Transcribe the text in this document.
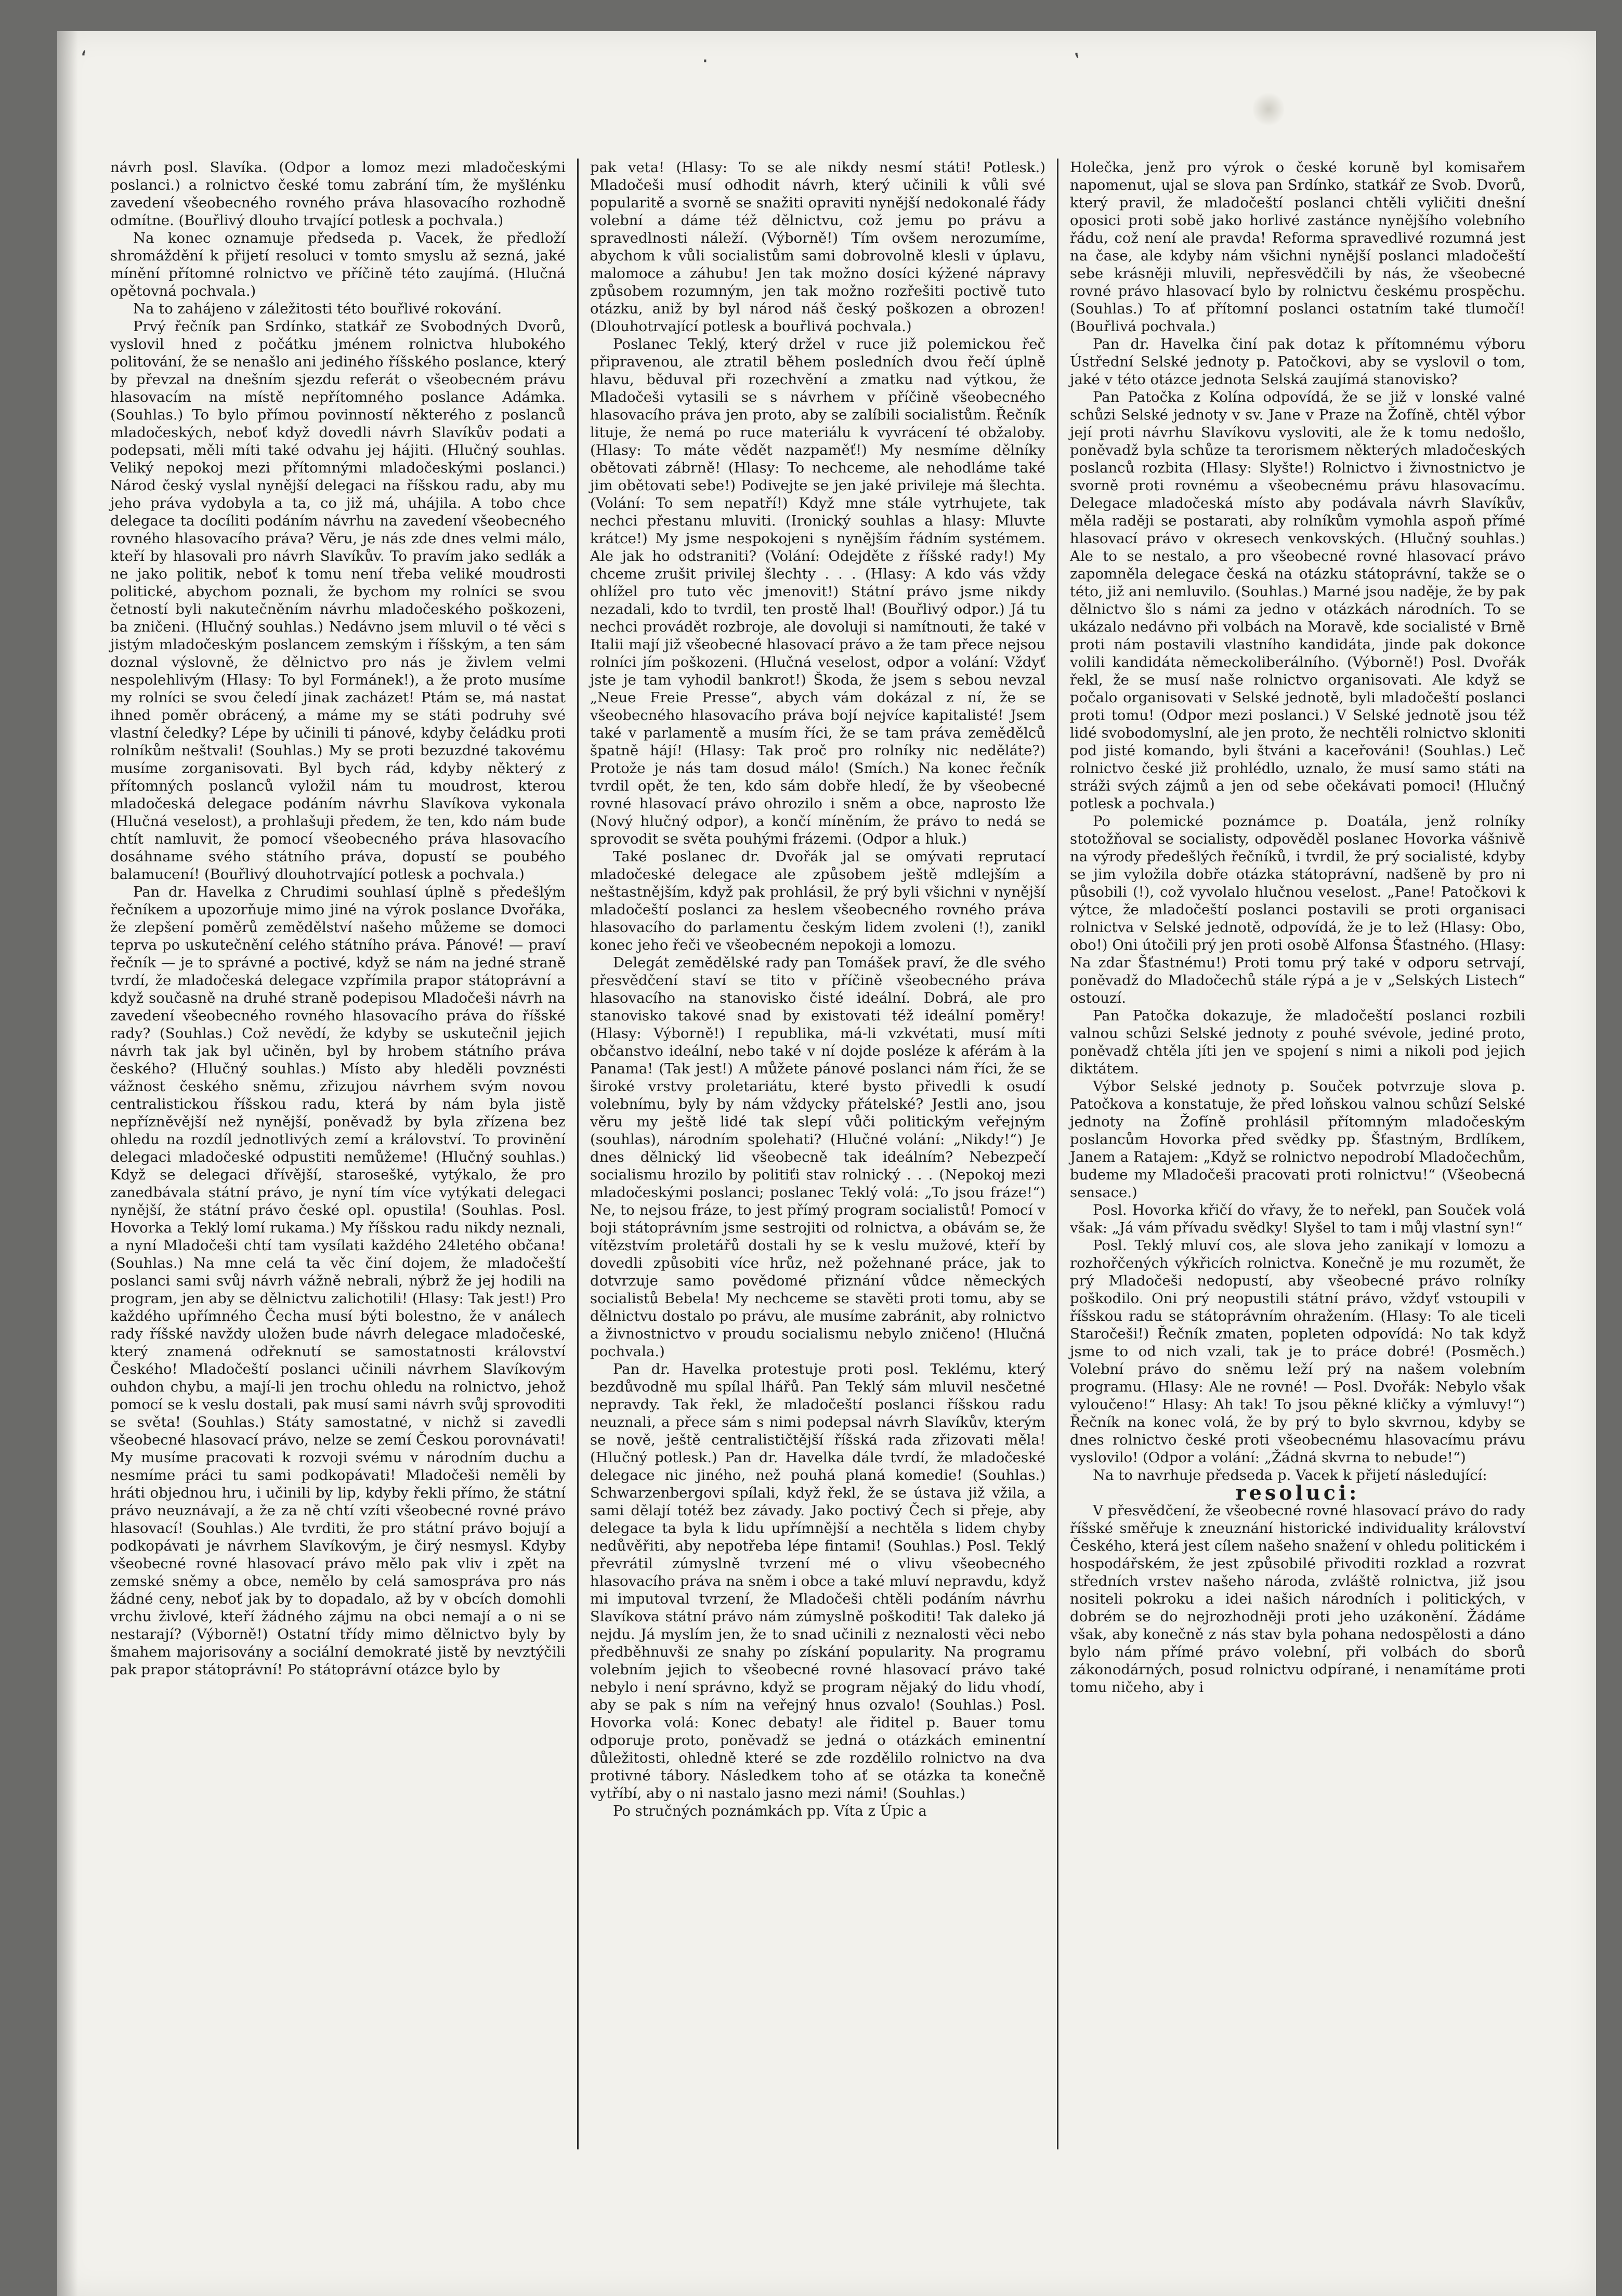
‘	·	‛

návrh posl. Slavíka. (Odpor a lomoz mezi mladočeskými poslanci.) a rolnictvo české tomu zabrání tím, že myšlénku zavedení všeobecného rovného práva hlasovacího rozhodně odmítne. (Bouřlivý dlouho trvající potlesk a pochvala.)

Na konec oznamuje předseda p. Vacek, že předloží shromáždění k přijetí resoluci v tomto smyslu až sezná, jaké mínění přítomné rolnictvo ve příčině této zaujímá. (Hlučná opětovná pochvala.)

Na to zahájeno v záležitosti této bouřlivé rokování.

Prvý řečník pan Srdínko, statkář ze Svobodných Dvorů, vyslovil hned z počátku jménem rolnictva hlubokého politování, že se nenašlo ani jediného říšského poslance, který by převzal na dnešním sjezdu referát o všeobecném právu hlasovacím na místě nepřítomného poslance Adámka. (Souhlas.) To bylo přímou povinností některého z poslanců mladočeských, neboť když dovedli návrh Slavíkův podati a podepsati, měli míti také odvahu jej hájiti. (Hlučný souhlas. Veliký nepokoj mezi přítomnými mladočeskými poslanci.) Národ český vyslal nynější delegaci na říšskou radu, aby mu jeho práva vydobyla a ta, co již má, uhájila. A tobo chce delegace ta docíliti podáním návrhu na zavedení všeobecného rovného hlasovacího práva? Věru, je nás zde dnes velmi málo, kteří by hlasovali pro návrh Slavíkův. To pravím jako sedlák a ne jako politik, neboť k tomu není třeba veliké moudrosti politické, abychom poznali, že bychom my rolníci se svou četností byli nakutečněním návrhu mladočeského poškozeni, ba zničeni. (Hlučný souhlas.) Nedávno jsem mluvil o té věci s jistým mladočeským poslancem zemským i říšským, a ten sám doznal výslovně, že dělnictvo pro nás je živlem velmi nespolehlivým (Hlasy: To byl Formánek!), a že proto musíme my rolníci se svou čeledí jinak zacházet! Ptám se, má nastat ihned poměr obrácený, a máme my se státi podruhy své vlastní čeledky? Lépe by učinili ti pánové, kdyby čeládku proti rolníkům neštvali! (Souhlas.) My se proti bezuzdné takovému musíme zorganisovati. Byl bych rád, kdyby některý z přítomných poslanců vyložil nám tu moudrost, kterou mladočeská delegace podáním návrhu Slavíkova vykonala (Hlučná veselost), a prohlašuji předem, že ten, kdo nám bude chtít namluvit, že pomocí všeobecného práva hlasovacího dosáhname svého státního práva, dopustí se poubého balamucení! (Bouřlivý dlouhotrvající potlesk a pochvala.)

Pan dr. Havelka z Chrudimi souhlasí úplně s předešlým řečníkem a upozorňuje mimo jiné na výrok poslance Dvořáka, že zlepšení poměrů zemědělství našeho můžeme se domoci teprva po uskutečnění celého státního práva. Pánové! — praví řečník — je to správné a poctivé, když se nám na jedné straně tvrdí, že mladočeská delegace vzpřímila prapor státoprávní a když současně na druhé straně podepisou Mladočeši návrh na zavedení všeobecného rovného hlasovacího práva do říšské rady? (Souhlas.) Což nevědí, že kdyby se uskutečnil jejich návrh tak jak byl učiněn, byl by hrobem státního práva českého? (Hlučný souhlas.) Místo aby hleděli povznésti vážnost českého sněmu, zřizujou návrhem svým novou centralistickou říšskou radu, která by nám byla jistě nepřízněvější než nynější, poněvadž by byla zřízena bez ohledu na rozdíl jednotlivých zemí a království. To provinění delegaci mladočeské odpustiti nemůžeme! (Hlučný souhlas.) Když se delegaci dřívější, starosešké, vytýkalo, že pro zanedbávala státní právo, je nyní tím více vytýkati delegaci nynější, že státní právo české opl. opustila! (Souhlas. Posl. Hovorka a Teklý lomí rukama.) My říšskou radu nikdy neznali, a nyní Mladočeši chtí tam vysílati každého 24letého občana! (Souhlas.) Na mne celá ta věc činí dojem, že mladočeští poslanci sami svůj návrh vážně nebrali, nýbrž že jej hodili na program, jen aby se dělnictvu zalichotili! (Hlasy: Tak jest!) Pro každého upřímného Čecha musí býti bolestno, že v análech rady říšské navždy uložen bude návrh delegace mladočeské, který znamená odřeknutí se samostatnosti království Českého! Mladočeští poslanci učinili návrhem Slavíkovým ouhdon chybu, a mají-li jen trochu ohledu na rolnictvo, jehož pomocí se k veslu dostali, pak musí sami návrh svůj sprovoditi se světa! (Souhlas.) Státy samostatné, v nichž si zavedli všeobecné hlasovací právo, nelze se zemí Českou porovnávati! My musíme pracovati k rozvoji svému v národním duchu a nesmíme práci tu sami podkopávati! Mladočeši neměli by hráti objednou hru, i učinili by lip, kdyby řekli přímo, že státní právo neuznávají, a že za ně chtí vzíti všeobecné rovné právo hlasovací! (Souhlas.) Ale tvrditi, že pro státní právo bojují a podkopávati je návrhem Slavíkovým, je čirý nesmysl. Kdyby všeobecné rovné hlasovací právo mělo pak vliv i zpět na zemské sněmy a obce, nemělo by celá samospráva pro nás žádné ceny, neboť jak by to dopadalo, až by v obcích domohli vrchu živlové, kteří žádného zájmu na obci nemají a o ni se nestarají? (Výborně!) Ostatní třídy mimo dělnictvo byly by šmahem majorisovány a sociální demokraté jistě by nevztýčili pak prapor státoprávní! Po státoprávní otázce bylo by

pak veta! (Hlasy: To se ale nikdy nesmí státi! Potlesk.) Mladočeši musí odhodit návrh, který učinili k vůli své popularitě a svorně se snažiti opraviti nynější nedokonalé řády volební a dáme též dělnictvu, což jemu po právu a spravedlnosti náleží. (Výborně!) Tím ovšem nerozumíme, abychom k vůli socialistům sami dobrovolně klesli v úplavu, malomoce a záhubu! Jen tak možno dosíci kýžené nápravy způsobem rozumným, jen tak možno rozřešiti poctivě tuto otázku, aniž by byl národ náš český poškozen a obrozen! (Dlouhotrvající potlesk a bouřlivá pochvala.)

Poslanec Teklý, který držel v ruce již polemickou řeč připravenou, ale ztratil během posledních dvou řečí úplně hlavu, běduval při rozechvění a zmatku nad výtkou, že Mladočeši vytasili se s návrhem v příčině všeobecného hlasovacího práva jen proto, aby se zalíbili socialistům. Řečník lituje, že nemá po ruce materiálu k vyvrácení té obžaloby. (Hlasy: To máte vědět nazpaměť!) My nesmíme dělníky obětovati zábrně! (Hlasy: To nechceme, ale nehodláme také jim obětovati sebe!) Podivejte se jen jaké privileje má šlechta. (Volání: To sem nepatří!) Když mne stále vytrhujete, tak nechci přestanu mluviti. (Ironický souhlas a hlasy: Mluvte krátce!) My jsme nespokojeni s nynějším řádním systémem. Ale jak ho odstraniti? (Volání: Odejděte z říšské rady!) My chceme zrušit privilej šlechty . . . (Hlasy: A kdo vás vždy ohlížel pro tuto věc jmenovit!) Státní právo jsme nikdy nezadali, kdo to tvrdil, ten prostě lhal! (Bouřlivý odpor.) Já tu nechci provádět rozbroje, ale dovoluji si namítnouti, že také v Italii mají již všeobecné hlasovací právo a že tam přece nejsou rolníci jím poškozeni. (Hlučná veselost, odpor a volání: Vždyť jste je tam vyhodil bankrot!) Škoda, že jsem s sebou nevzal „Neue Freie Presse“, abych vám dokázal z ní, že se všeobecného hlasovacího práva bojí nejvíce kapitalisté! Jsem také v parlamentě a musím říci, že se tam práva zemědělců špatně hájí! (Hlasy: Tak proč pro rolníky nic neděláte?) Protože je nás tam dosud málo! (Smích.) Na konec řečník tvrdil opět, že ten, kdo sám dobře hledí, že by všeobecné rovné hlasovací právo ohrozilo i sněm a obce, naprosto lže (Nový hlučný odpor), a končí míněním, že právo to nedá se sprovodit se světa pouhými frázemi. (Odpor a hluk.)

Také poslanec dr. Dvořák jal se omývati reprutací mladočeské delegace ale způsobem ještě mdlejším a neštastnějším, když pak prohlásil, že prý byli všichni v nynější mladočeští poslanci za heslem všeobecného rovného práva hlasovacího do parlamentu českým lidem zvoleni (!), zanikl konec jeho řeči ve všeobecném nepokoji a lomozu.

Delegát zemědělské rady pan Tomášek praví, že dle svého přesvědčení staví se tito v příčině všeobecného práva hlasovacího na stanovisko čisté ideální. Dobrá, ale pro stanovisko takové snad by existovati též ideální poměry! (Hlasy: Výborně!) I republika, má-li vzkvétati, musí míti občanstvo ideální, nebo také v ní dojde posléze k aférám à la Panama! (Tak jest!) A můžete pánové poslanci nám říci, že se široké vrstvy proletariátu, které bysto přivedli k osudí volebnímu, byly by nám vždycky přátelské? Jestli ano, jsou věru my ještě lidé tak slepí vůči politickým veřejným (souhlas), národním spolehati? (Hlučné volání: „Nikdy!“) Je dnes dělnický lid všeobecně tak ideálním? Nebezpečí socialismu hrozilo by politiťi stav rolnický . . . (Nepokoj mezi mladočeskými poslanci; poslanec Teklý volá: „To jsou fráze!“) Ne, to nejsou fráze, to jest přímý program socialistů! Pomocí v boji státoprávním jsme sestrojiti od rolnictva, a obávám se, že vítězstvím proletářů dostali hy se k veslu mužové, kteří by dovedli způsobiti více hrůz, než požehnané práce, jak to dotvrzuje samo povědomé přiznání vůdce německých socialistů Bebela! My nechceme se stavěti proti tomu, aby se dělnictvu dostalo po právu, ale musíme zabránit, aby rolnictvo a živnostnictvo v proudu socialismu nebylo zničeno! (Hlučná pochvala.)

Pan dr. Havelka protestuje proti posl. Teklému, který bezdůvodně mu spílal lhářů. Pan Teklý sám mluvil nesčetné nepravdy. Tak řekl, že mladočeští poslanci říšskou radu neuznali, a přece sám s nimi podepsal návrh Slavíkův, kterým se nově, ještě centralističtější říšská rada zřizovati měla! (Hlučný potlesk.) Pan dr. Havelka dále tvrdí, že mladočeské delegace nic jiného, než pouhá planá komedie! (Souhlas.) Schwarzenbergovi spílali, když řekl, že se ústava již vžila, a sami dělají totéž bez závady. Jako poctivý Čech si přeje, aby delegace ta byla k lidu upřímnější a nechtěla s lidem chyby nedůvěřiti, aby nepotřeba lépe fintami! (Souhlas.) Posl. Teklý převrátil zúmyslně tvrzení mé o vlivu všeobecného hlasovacího práva na sněm i obce a také mluví nepravdu, když mi imputoval tvrzení, že Mladočeši chtěli podáním návrhu Slavíkova státní právo nám zúmyslně poškoditi! Tak daleko já nejdu. Já myslím jen, že to snad učinili z neznalosti věci nebo předběhnuvši ze snahy po získání popularity. Na programu volebním jejich to všeobecné rovné hlasovací právo také nebylo i není správno, když se program nějaký do lidu vhodí, aby se pak s ním na veřejný hnus ozvalo! (Souhlas.) Posl. Hovorka volá: Konec debaty! ale řiditel p. Bauer tomu odporuje proto, poněvadž se jedná o otázkách eminentní důležitosti, ohledně které se zde rozdělilo rolnictvo na dva protivné tábory. Následkem toho ať se otázka ta konečně vytříbí, aby o ni nastalo jasno mezi námi! (Souhlas.)

Po stručných poznámkách pp. Víta z Úpic a

Holečka, jenž pro výrok o české koruně byl komisařem napomenut, ujal se slova pan Srdínko, statkář ze Svob. Dvorů, který pravil, že mladočeští poslanci chtěli vyličiti dnešní oposici proti sobě jako horlivé zastánce nynějšího volebního řádu, což není ale pravda! Reforma spravedlivé rozumná jest na čase, ale kdyby nám všichni nynější poslanci mladočeští sebe krásněji mluvili, nepřesvědčili by nás, že všeobecné rovné právo hlasovací bylo by rolnictvu českému prospěchu. (Souhlas.) To ať přítomní poslanci ostatním také tlumočí! (Bouřlivá pochvala.)

Pan dr. Havelka činí pak dotaz k přítomnému výboru Ústřední Selské jednoty p. Patočkovi, aby se vyslovil o tom, jaké v této otázce jednota Selská zaujímá stanovisko?

Pan Patočka z Kolína odpovídá, že se již v lonské valné schůzi Selské jednoty v sv. Jane v Praze na Žofíně, chtěl výbor její proti návrhu Slavíkovu vysloviti, ale že k tomu nedošlo, poněvadž byla schůze ta terorismem některých mladočeských poslanců rozbita (Hlasy: Slyšte!) Rolnictvo i živnostnictvo je svorně proti rovnému a všeobecnému právu hlasovacímu. Delegace mladočeská místo aby podávala návrh Slavíkův, měla raději se postarati, aby rolníkům vymohla aspoň přímé hlasovací právo v okresech venkovských. (Hlučný souhlas.) Ale to se nestalo, a pro všeobecné rovné hlasovací právo zapomněla delegace česká na otázku státoprávní, takže se o této, již ani nemluvilo. (Souhlas.) Marné jsou naděje, že by pak dělnictvo šlo s námi za jedno v otázkách národních. To se ukázalo nedávno při volbách na Moravě, kde socialisté v Brně proti nám postavili vlastního kandidáta, jinde pak dokonce volili kandidáta německoliberálního. (Výborně!) Posl. Dvořák řekl, že se musí naše rolnictvo organisovati. Ale když se počalo organisovati v Selské jednotě, byli mladočeští poslanci proti tomu! (Odpor mezi poslanci.) V Selské jednotě jsou též lidé svobodomyslní, ale jen proto, že nechtěli rolnictvo skloniti pod jisté komando, byli štváni a kaceřováni! (Souhlas.) Leč rolnictvo české již prohlédlo, uznalo, že musí samo státi na stráži svých zájmů a jen od sebe očekávati pomoci! (Hlučný potlesk a pochvala.)

Po polemické poznámce p. Doatála, jenž rolníky stotožňoval se socialisty, odpověděl poslanec Hovorka vášnivě na výrody předešlých řečníků, i tvrdil, že prý socialisté, kdyby se jim vyložila dobře otázka státoprávní, nadšeně by pro ni působili (!), což vyvolalo hlučnou veselost. „Pane! Patočkovi k výtce, že mladočeští poslanci postavili se proti organisaci rolnictva v Selské jednotě, odpovídá, že je to lež (Hlasy: Obo, obo!) Oni útočili prý jen proti osobě Alfonsa Šťastného. (Hlasy: Na zdar Šťastnému!) Proti tomu prý také v odporu setrvají, poněvadž do Mladočechů stále rýpá a je v „Selských Listech“ ostouzí.

Pan Patočka dokazuje, že mladočeští poslanci rozbili valnou schůzi Selské jednoty z pouhé svévole, jediné proto, poněvadž chtěla jíti jen ve spojení s nimi a nikoli pod jejich diktátem.

Výbor Selské jednoty p. Souček potvrzuje slova p. Patočkova a konstatuje, že před loňskou valnou schůzí Selské jednoty na Žofíně prohlásil přítomným mladočeským poslancům Hovorka před svědky pp. Šťastným, Brdlíkem, Janem a Ratajem: „Když se rolnictvo nepodrobí Mladočechům, budeme my Mladočeši pracovati proti rolnictvu!“ (Všeobecná sensace.)

Posl. Hovorka křičí do vřavy, že to neřekl, pan Souček volá však: „Já vám přívadu svědky! Slyšel to tam i můj vlastní syn!“

Posl. Teklý mluví cos, ale slova jeho zanikají v lomozu a rozhořčených výkřicích rolnictva. Konečně je mu rozumět, že prý Mladočeši nedopustí, aby všeobecné právo rolníky poškodilo. Oni prý neopustili státní právo, vždyť vstoupili v říšskou radu se státoprávním ohražením. (Hlasy: To ale ticeli Staročeši!) Řečník zmaten, popleten odpovídá: No tak když jsme to od nich vzali, tak je to práce dobré! (Posměch.) Volební právo do sněmu leží prý na našem volebním programu. (Hlasy: Ale ne rovné! — Posl. Dvořák: Nebylo však vyloučeno!“ Hlasy: Ah tak! To jsou pěkné kličky a výmluvy!“) Řečník na konec volá, že by prý to bylo skvrnou, kdyby se dnes rolnictvo české proti všeobecnému hlasovacímu právu vyslovilo! (Odpor a volání: „Žádná skvrna to nebude!“)

Na to navrhuje předseda p. Vacek k přijetí následující:

resoluci:

V přesvědčení, že všeobecné rovné hlasovací právo do rady říšské směřuje k zneuznání historické individuality království Českého, která jest cílem našeho snažení v ohledu politickém i hospodářském, že jest způsobilé přivoditi rozklad a rozvrat středních vrstev našeho národa, zvláště rolnictva, již jsou nositeli pokroku a idei našich národních i politických, v dobrém se do nejrozhodněji proti jeho uzákonění. Žádáme však, aby konečně z nás stav byla pohana nedospělosti a dáno bylo nám přímé právo volební, při volbách do sborů zákonodárných, posud rolnictvu odpírané, i nenamítáme proti tomu ničeho, aby i
